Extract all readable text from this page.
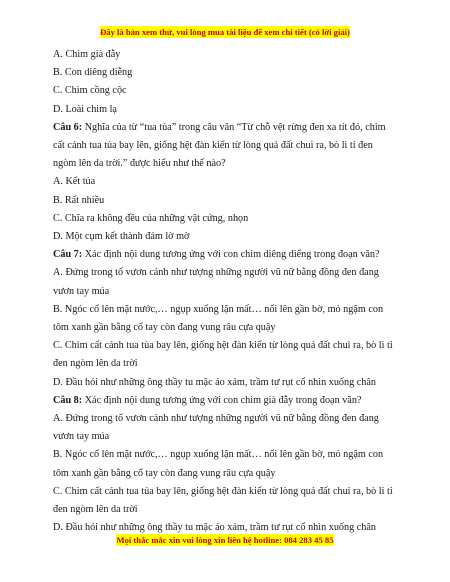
Đây là bản xem thử, vui lòng mua tài liệu để xem chi tiết (có lời giải)

A. Chim già đẫy

B. Con diêng diễng

C. Chim cồng cộc

D. Loài chim lạ

Câu 6: Nghĩa của từ “tua tủa” trong câu văn “Từ chỗ vệt rừng đen xa tít đó, chim

cất cánh tua tủa bay lên, giống hệt đàn kiến từ lòng quả đất chui ra, bò li ti đen

ngòm lên da trời.” được hiểu như thế nào?

A. Kết tủa

B. Rất nhiều

C. Chĩa ra không đều của những vật cứng, nhọn

D. Một cụm kết thành đám lờ mờ

Câu 7: Xác định nội dung tương ứng với con chim diêng diểng trong đoạn văn?

A. Đứng trong tổ vươn cánh như tượng những người vũ nữ bằng đồng đen đang

vươn tay múa

B. Ngóc cổ lên mặt nước,… ngụp xuống lặn mất… nổi lên gần bờ, mỏ ngậm con

tôm xanh gần bằng cổ tay còn đang vung râu cựa quậy

C. Chim cất cánh tua tủa bay lên, giống hệt đàn kiến từ lòng quả đất chui ra, bò li ti

đen ngòm lên da trời

D. Đầu hói như những ông thầy tu mặc áo xám, trầm tư rụt cổ nhìn xuống chân

Câu 8: Xác định nội dung tương ứng với con chim già đẫy trong đoạn văn?

A. Đứng trong tổ vươn cánh như tượng những người vũ nữ bằng đồng đen đang

vươn tay múa

B. Ngóc cổ lên mặt nước,… ngụp xuống lặn mất… nổi lên gần bờ, mỏ ngậm con

tôm xanh gần bằng cổ tay còn đang vung râu cựa quậy

C. Chim cất cánh tua tủa bay lên, giống hệt đàn kiến từ lòng quả đất chui ra, bò li ti

đen ngòm lên da trời

D. Đầu hói như những ông thầy tu mặc áo xám, trầm tư rụt cổ nhìn xuống chân

Mọi thắc mắc xin vui lòng xin liên hệ hotline: 084 283 45 85
